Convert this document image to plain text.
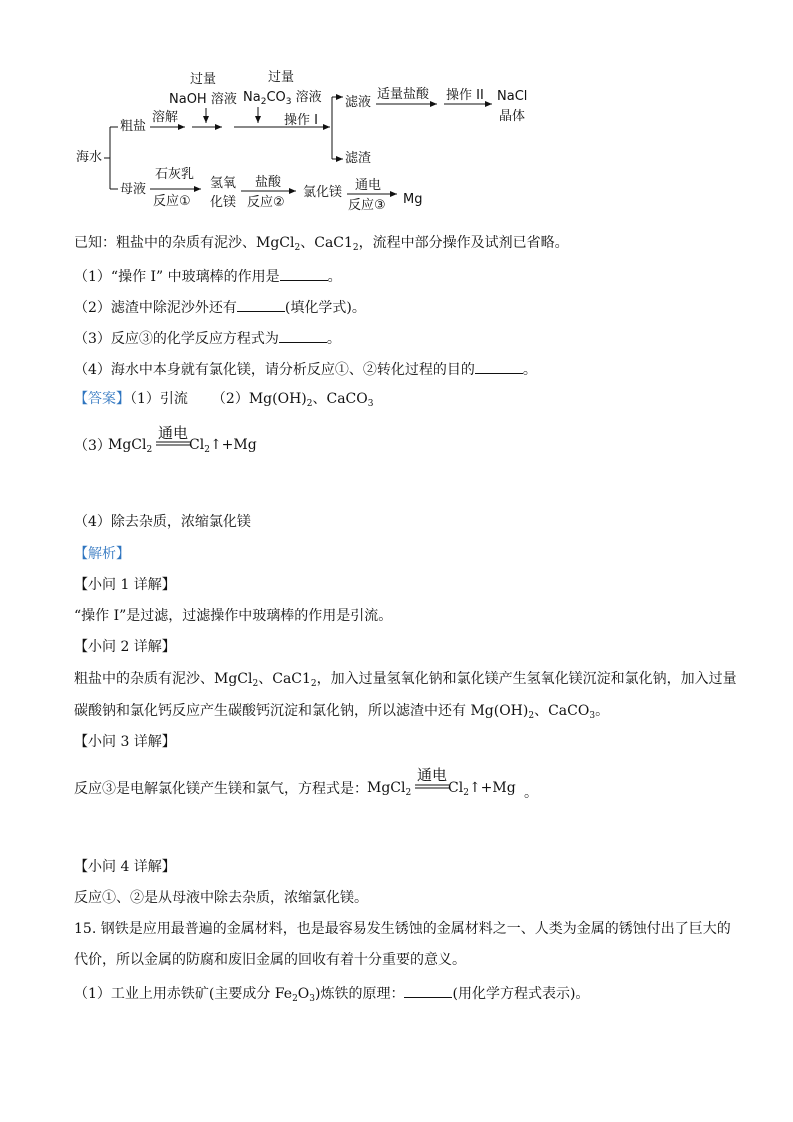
海水
粗盐
溶解
过量
NaOH 溶液
过量
$Na_2CO_3$ 溶液
操作 I
滤液
适量盐酸 操作 II NaCl
晶体
滤渣
母液
石灰乳
反应①
氢氧
化镁
盐酸
反应②
氯化镁 通电
反应③ Mg
已知：粗盐中的杂质有泥沙、MgCl$_2$、$CaC1_2$，流程中部分操作及试剂已省略。
（1）“操作 I” 中玻璃棒的作用是	。
（2）滤渣中除泥沙外还有	(填化学式)。
（3）反应③的化学反应方程式为	。
（4）海水中本身就有氯化镁，请分析反应①、②转化过程的目的	。
【答案】（1）引流 $(2)Mg(OH)_2$、CaCO$_3$
（3）
MgCl$_2$
通电
$Cl_2↑+Mg$
（4）除去杂质，浓缩氯化镁
【解析】
【小问 1 详解】
“操作 I”是过滤，过滤操作中玻璃棒的作用是引流。
【小问 2 详解】
粗盐中的杂质有泥沙、MgCl$_2$、$CaC1_2$，加入过量氢氧化钠和氯化镁产生氢氧化镁沉淀和氯化钠，加入过量
碳酸钠和氯化钙反应产生碳酸钙沉淀和氯化钠，所以滤渣中还有 $Mg(OH)_2$、CaCO$_3$。
【小问 3 详解】
反应③是电解氯化镁产生镁和氯气，方程式是： MgCl$_2$
通电
$Cl_2↑+Mg$ 。
【小问 4 详解】
反应①、②是从母液中除去杂质，浓缩氯化镁。
15. 钢铁是应用最普遍的金属材料，也是最容易发生锈蚀的金属材料之一、人类为金属的锈蚀付出了巨大的
代价，所以金属的防腐和废旧金属的回收有着十分重要的意义。
（1）工业上用赤铁矿(主要成分 $Fe_2O_3$)炼铁的原理：	(用化学方程式表示)。
